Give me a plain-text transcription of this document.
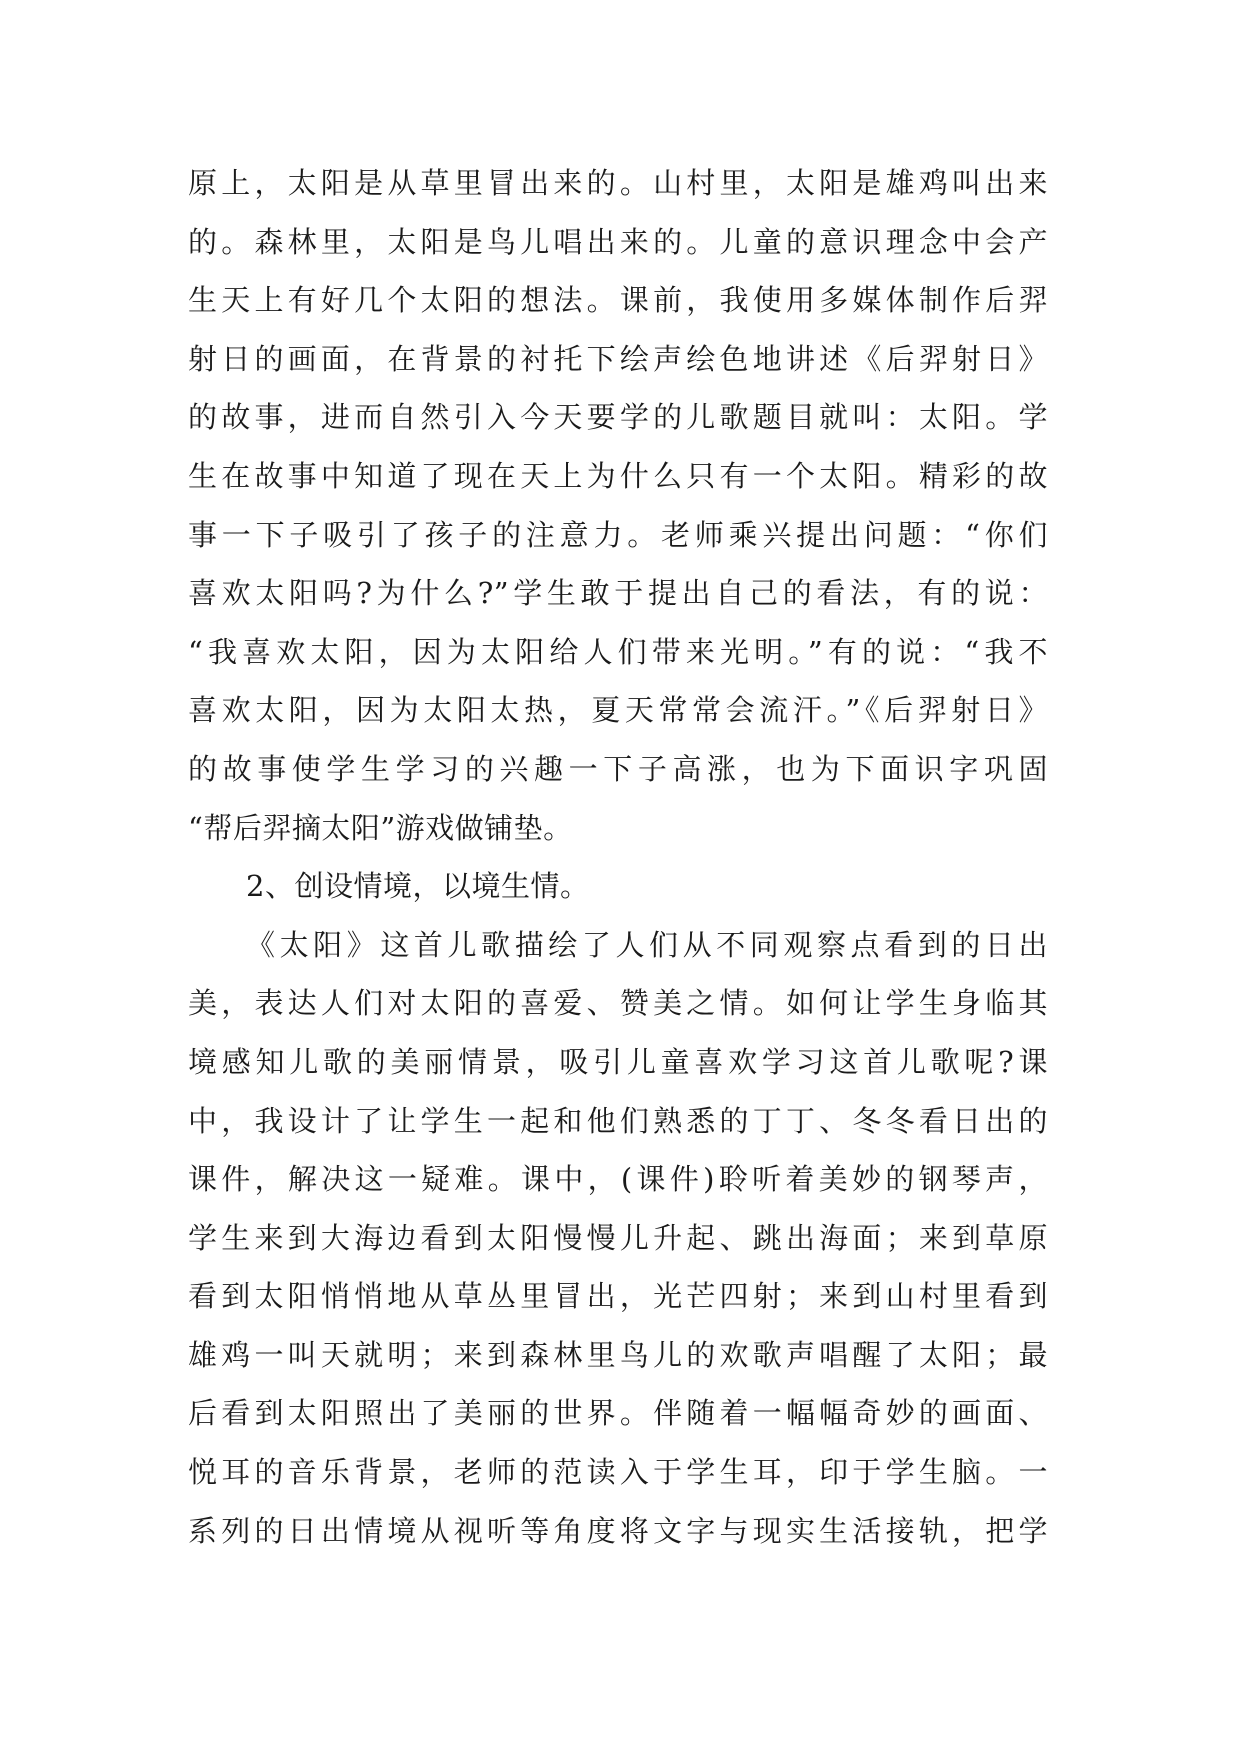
原上，太阳是从草里冒出来的。山村里，太阳是雄鸡叫出来
的。森林里，太阳是鸟儿唱出来的。儿童的意识理念中会产
生天上有好几个太阳的想法。课前，我使用多媒体制作后羿
射日的画面，在背景的衬托下绘声绘色地讲述《后羿射日》
的故事，进而自然引入今天要学的儿歌题目就叫：太阳。学
生在故事中知道了现在天上为什么只有一个太阳。精彩的故
事一下子吸引了孩子的注意力。老师乘兴提出问题：“你们
喜欢太阳吗?为什么?”学生敢于提出自己的看法，有的说：
“我喜欢太阳，因为太阳给人们带来光明。”有的说：“我不
喜欢太阳，因为太阳太热，夏天常常会流汗。”《后羿射日》
的故事使学生学习的兴趣一下子高涨，也为下面识字巩固
“帮后羿摘太阳”游戏做铺垫。
2、创设情境，以境生情。
《太阳》这首儿歌描绘了人们从不同观察点看到的日出
美，表达人们对太阳的喜爱、赞美之情。如何让学生身临其
境感知儿歌的美丽情景，吸引儿童喜欢学习这首儿歌呢?课
中，我设计了让学生一起和他们熟悉的丁丁、冬冬看日出的
课件，解决这一疑难。课中，(课件)聆听着美妙的钢琴声，
学生来到大海边看到太阳慢慢儿升起、跳出海面；来到草原
看到太阳悄悄地从草丛里冒出，光芒四射；来到山村里看到
雄鸡一叫天就明；来到森林里鸟儿的欢歌声唱醒了太阳；最
后看到太阳照出了美丽的世界。伴随着一幅幅奇妙的画面、
悦耳的音乐背景，老师的范读入于学生耳，印于学生脑。一
系列的日出情境从视听等角度将文字与现实生活接轨，把学
